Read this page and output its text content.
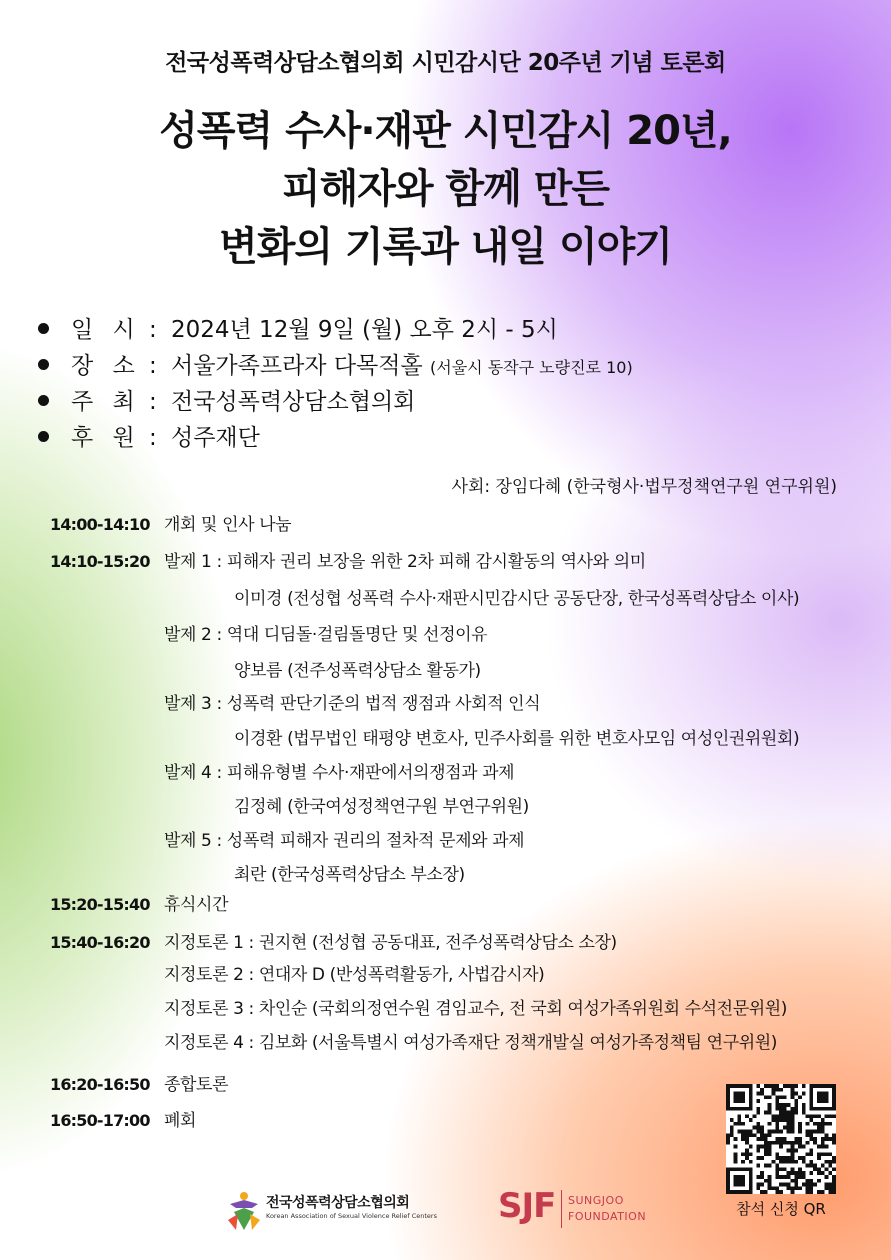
전국성폭력상담소협의회 시민감시단 20주년 기념 토론회
성폭력 수사·재판 시민감시 20년,
피해자와 함께 만든
변화의 기록과 내일 이야기
일 시 : 2024년 12월 9일 (월) 오후 2시 - 5시
장 소 : 서울가족프라자 다목적홀 (서울시 동작구 노량진로 10)
주 최 : 전국성폭력상담소협의회
후 원 : 성주재단
사회: 장임다혜 (한국형사·법무정책연구원 연구위원)
14:00-14:10 개회 및 인사 나눔
14:10-15:20 발제 1 : 피해자 권리 보장을 위한 2차 피해 감시활동의 역사와 의미
이미경 (전성협 성폭력 수사·재판시민감시단 공동단장, 한국성폭력상담소 이사)
발제 2 : 역대 디딤돌·걸림돌명단 및 선정이유
양보름 (전주성폭력상담소 활동가)
발제 3 : 성폭력 판단기준의 법적 쟁점과 사회적 인식
이경환 (법무법인 태평양 변호사, 민주사회를 위한 변호사모임 여성인권위원회)
발제 4 : 피해유형별 수사·재판에서의쟁점과 과제
김정혜 (한국여성정책연구원 부연구위원)
발제 5 : 성폭력 피해자 권리의 절차적 문제와 과제
최란 (한국성폭력상담소 부소장)
15:20-15:40 휴식시간
15:40-16:20 지정토론 1 : 권지현 (전성협 공동대표, 전주성폭력상담소 소장)
지정토론 2 : 연대자 D (반성폭력활동가, 사법감시자)
지정토론 3 : 차인순 (국회의정연수원 겸임교수, 전 국회 여성가족위원회 수석전문위원)
지정토론 4 : 김보화 (서울특별시 여성가족재단 정책개발실 여성가족정책팀 연구위원)
16:20-16:50 종합토론
16:50-17:00 폐회
참석 신청 QR
전국성폭력상담소협의회
Korean Association of Sexual Violence Relief Centers SJF SUNGJOO
FOUNDATION
